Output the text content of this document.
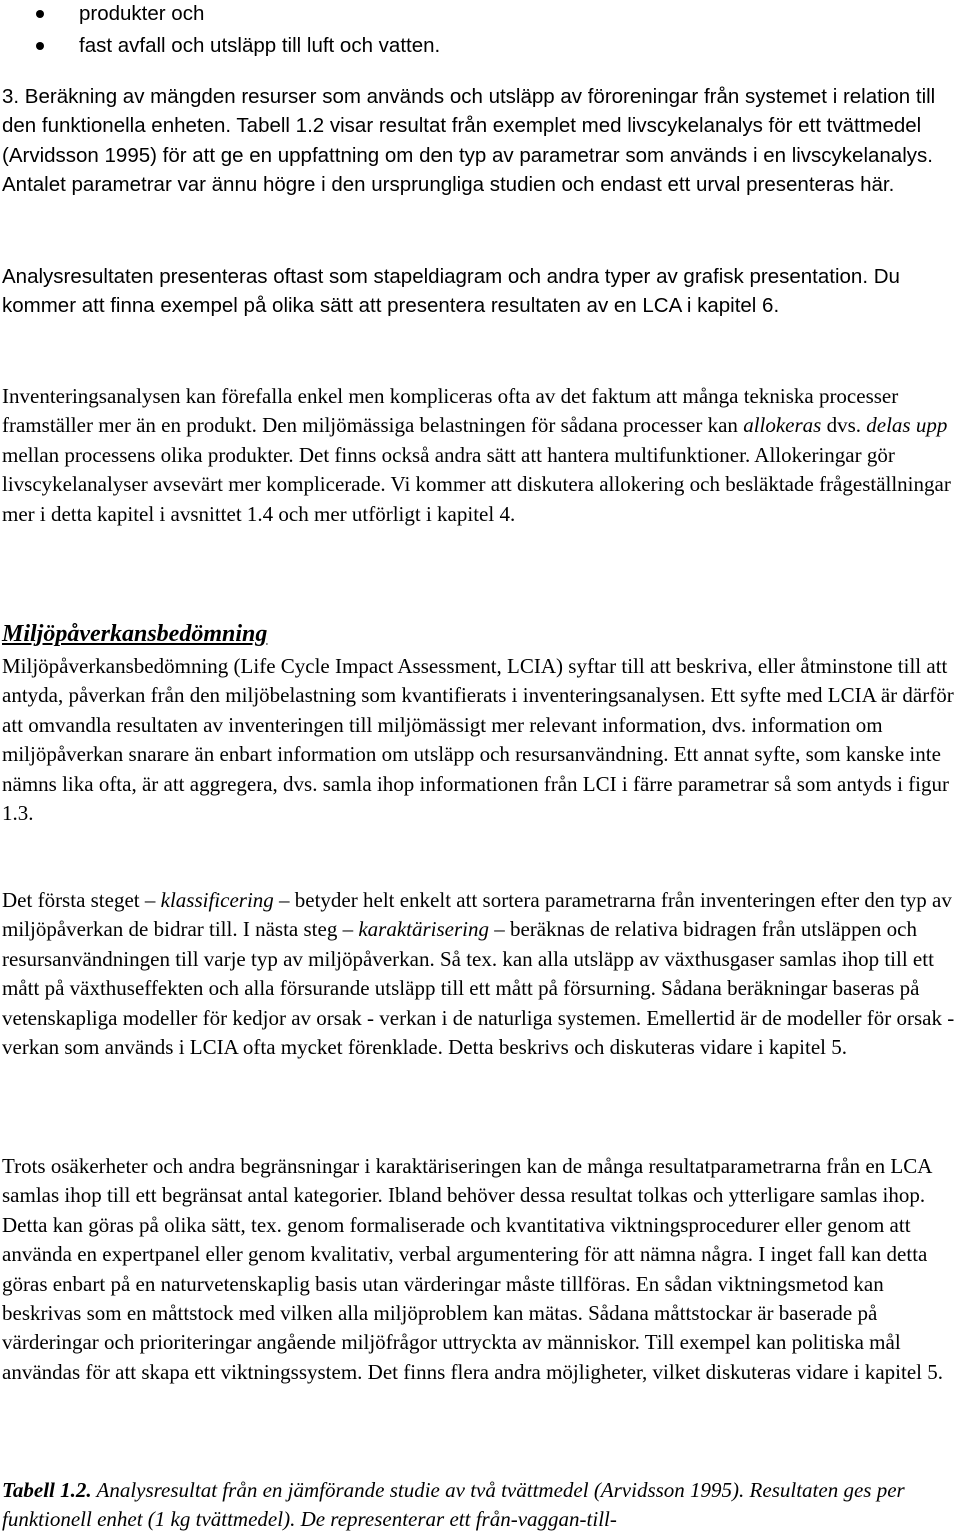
produkter och
fast avfall och utsläpp till luft och vatten.

3. Beräkning av mängden resurser som används och utsläpp av föroreningar från systemet i relation till den funktionella enheten. Tabell 1.2 visar resultat från exemplet med livscykelanalys för ett tvättmedel (Arvidsson 1995) för att ge en uppfattning om den typ av parametrar som används i en livscykelanalys. Antalet parametrar var ännu högre i den ursprungliga studien och endast ett urval presenteras här.

Analysresultaten presenteras oftast som stapeldiagram och andra typer av grafisk presentation. Du kommer att finna exempel på olika sätt att presentera resultaten av en LCA i kapitel 6.

Inventeringsanalysen kan förefalla enkel men kompliceras ofta av det faktum att många tekniska processer framställer mer än en produkt. Den miljömässiga belastningen för sådana processer kan allokeras dvs. delas upp mellan processens olika produkter. Det finns också andra sätt att hantera multifunktioner. Allokeringar gör livscykelanalyser avsevärt mer komplicerade. Vi kommer att diskutera allokering och besläktade frågeställningar mer i detta kapitel i avsnittet 1.4 och mer utförligt i kapitel 4.

Miljöpåverkansbedömning

Miljöpåverkansbedömning (Life Cycle Impact Assessment, LCIA) syftar till att beskriva, eller åtminstone till att antyda, påverkan från den miljöbelastning som kvantifierats i inventeringsanalysen. Ett syfte med LCIA är därför att omvandla resultaten av inventeringen till miljömässigt mer relevant information, dvs. information om miljöpåverkan snarare än enbart information om utsläpp och resursanvändning. Ett annat syfte, som kanske inte nämns lika ofta, är att aggregera, dvs. samla ihop informationen från LCI i färre parametrar så som antyds i figur 1.3.

Det första steget – klassificering – betyder helt enkelt att sortera parametrarna från inventeringen efter den typ av miljöpåverkan de bidrar till. I nästa steg – karaktärisering – beräknas de relativa bidragen från utsläppen och resursanvändningen till varje typ av miljöpåverkan. Så tex. kan alla utsläpp av växthusgaser samlas ihop till ett mått på växthuseffekten och alla försurande utsläpp till ett mått på försurning. Sådana beräkningar baseras på vetenskapliga modeller för kedjor av orsak - verkan i de naturliga systemen. Emellertid är de modeller för orsak - verkan som används i LCIA ofta mycket förenklade. Detta beskrivs och diskuteras vidare i kapitel 5.

Trots osäkerheter och andra begränsningar i karaktäriseringen kan de många resultatparametrarna från en LCA samlas ihop till ett begränsat antal kategorier. Ibland behöver dessa resultat tolkas och ytterligare samlas ihop. Detta kan göras på olika sätt, tex. genom formaliserade och kvantitativa viktningsprocedurer eller genom att använda en expertpanel eller genom kvalitativ, verbal argumentering för att nämna några. I inget fall kan detta göras enbart på en naturvetenskaplig basis utan värderingar måste tillföras. En sådan viktningsmetod kan beskrivas som en måttstock med vilken alla miljöproblem kan mätas. Sådana måttstockar är baserade på värderingar och prioriteringar angående miljöfrågor uttryckta av människor. Till exempel kan politiska mål användas för att skapa ett viktningssystem. Det finns flera andra möjligheter, vilket diskuteras vidare i kapitel 5.

Tabell 1.2. Analysresultat från en jämförande studie av två tvättmedel (Arvidsson 1995). Resultaten ges per funktionell enhet (1 kg tvättmedel). De representerar ett från-vaggan-till-
